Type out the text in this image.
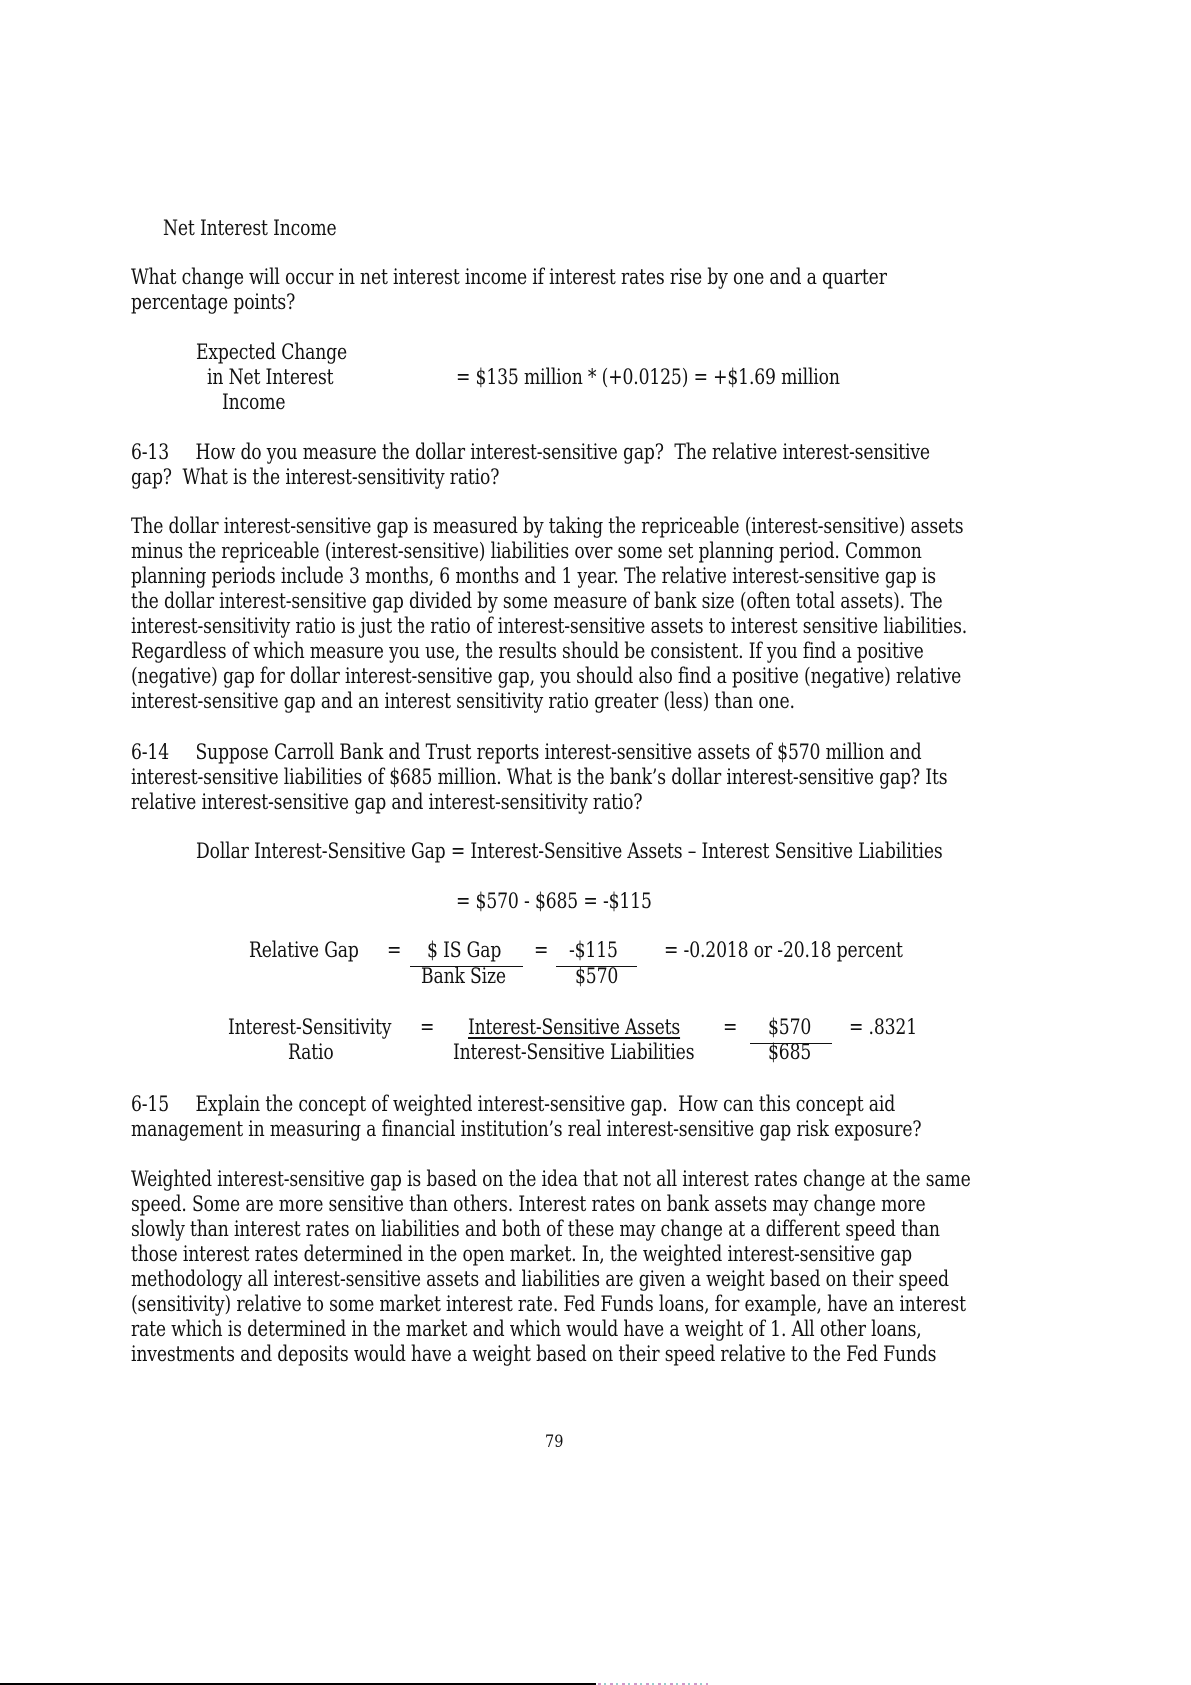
Net Interest Income
What change will occur in net interest income if interest rates rise by one and a quarter
percentage points?
Expected Change
in Net Interest
Income
= $135 million * (+0.0125) = +$1.69 million
6-13     How do you measure the dollar interest-sensitive gap?  The relative interest-sensitive
gap?  What is the interest-sensitivity ratio?
The dollar interest-sensitive gap is measured by taking the repriceable (interest-sensitive) assets
minus the repriceable (interest-sensitive) liabilities over some set planning period. Common
planning periods include 3 months, 6 months and 1 year. The relative interest-sensitive gap is
the dollar interest-sensitive gap divided by some measure of bank size (often total assets). The
interest-sensitivity ratio is just the ratio of interest-sensitive assets to interest sensitive liabilities.
Regardless of which measure you use, the results should be consistent. If you find a positive
(negative) gap for dollar interest-sensitive gap, you should also find a positive (negative) relative
interest-sensitive gap and an interest sensitivity ratio greater (less) than one.
6-14     Suppose Carroll Bank and Trust reports interest-sensitive assets of $570 million and
interest-sensitive liabilities of $685 million. What is the bank’s dollar interest-sensitive gap? Its
relative interest-sensitive gap and interest-sensitivity ratio?
Dollar Interest-Sensitive Gap = Interest-Sensitive Assets – Interest Sensitive Liabilities
= $570 - $685 = -$115
Relative Gap = $ IS Gap
Bank Size
= -$115
$570
= -0.2018 or -20.18 percent
Interest-Sensitivity
Ratio
= Interest-Sensitive Assets
Interest-Sensitive Liabilities
= $570
$685
= .8321
6-15     Explain the concept of weighted interest-sensitive gap.  How can this concept aid
management in measuring a financial institution’s real interest-sensitive gap risk exposure?
Weighted interest-sensitive gap is based on the idea that not all interest rates change at the same
speed. Some are more sensitive than others. Interest rates on bank assets may change more
slowly than interest rates on liabilities and both of these may change at a different speed than
those interest rates determined in the open market. In, the weighted interest-sensitive gap
methodology all interest-sensitive assets and liabilities are given a weight based on their speed
(sensitivity) relative to some market interest rate. Fed Funds loans, for example, have an interest
rate which is determined in the market and which would have a weight of 1. All other loans,
investments and deposits would have a weight based on their speed relative to the Fed Funds
79
